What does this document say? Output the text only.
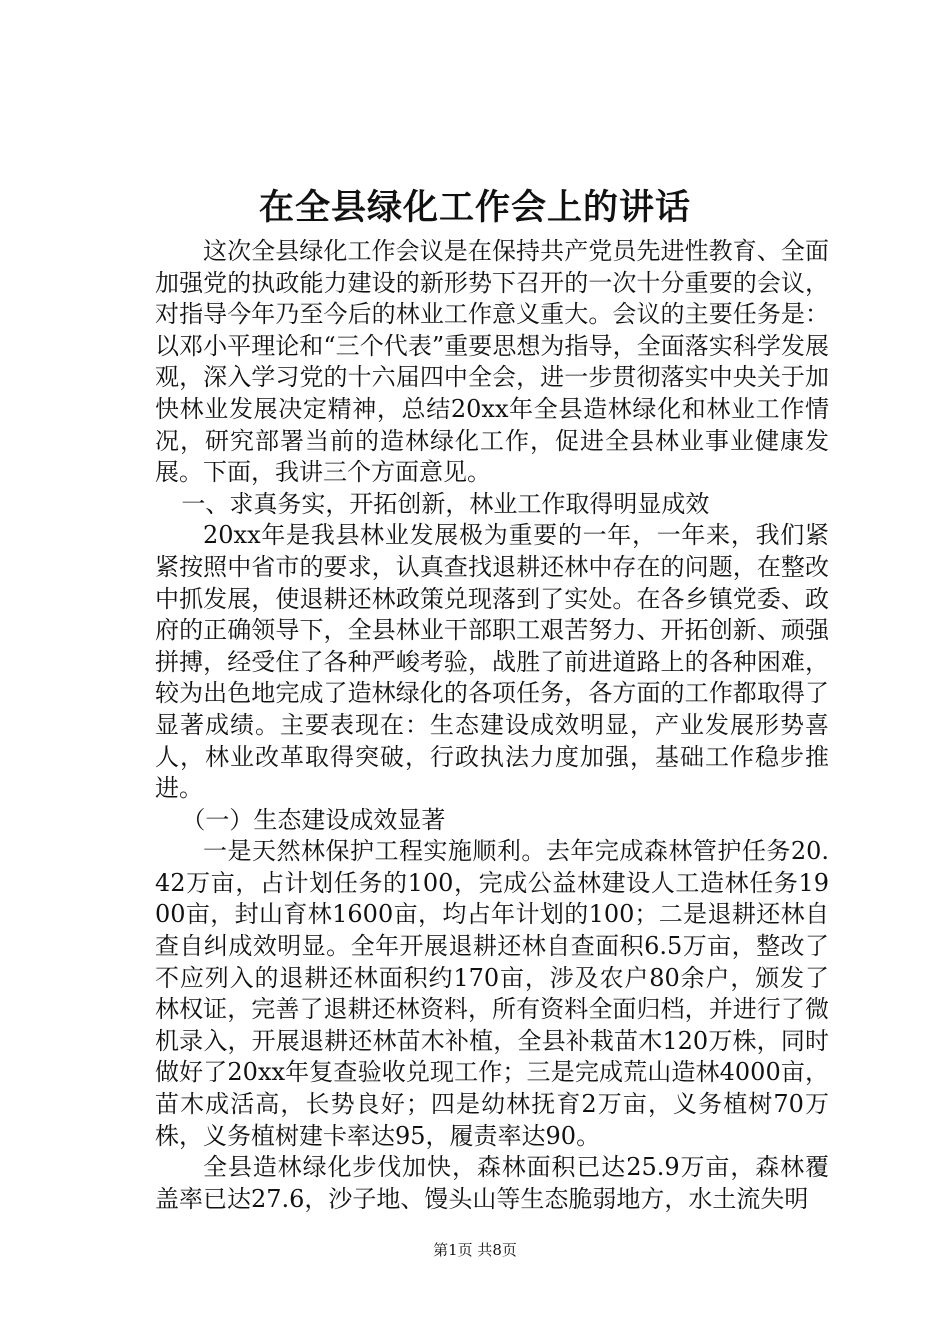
在全县绿化工作会上的讲话

这次全县绿化工作会议是在保持共产党员先进性教育、全面加强党的执政能力建设的新形势下召开的一次十分重要的会议，对指导今年乃至今后的林业工作意义重大。会议的主要任务是：以邓小平理论和“三个代表”重要思想为指导，全面落实科学发展观，深入学习党的十六届四中全会，进一步贯彻落实中央关于加快林业发展决定精神，总结20xx年全县造林绿化和林业工作情况，研究部署当前的造林绿化工作，促进全县林业事业健康发展。下面，我讲三个方面意见。

一、求真务实，开拓创新，林业工作取得明显成效

20xx年是我县林业发展极为重要的一年，一年来，我们紧紧按照中省市的要求，认真查找退耕还林中存在的问题，在整改中抓发展，使退耕还林政策兑现落到了实处。在各乡镇党委、政府的正确领导下，全县林业干部职工艰苦努力、开拓创新、顽强拼搏，经受住了各种严峻考验，战胜了前进道路上的各种困难，较为出色地完成了造林绿化的各项任务，各方面的工作都取得了显著成绩。主要表现在：生态建设成效明显，产业发展形势喜人，林业改革取得突破，行政执法力度加强，基础工作稳步推进。

（一）生态建设成效显著

一是天然林保护工程实施顺利。去年完成森林管护任务20.42万亩，占计划任务的100，完成公益林建设人工造林任务1900亩，封山育林1600亩，均占年计划的100；二是退耕还林自查自纠成效明显。全年开展退耕还林自查面积6.5万亩，整改了不应列入的退耕还林面积约170亩，涉及农户80余户，颁发了林权证，完善了退耕还林资料，所有资料全面归档，并进行了微机录入，开展退耕还林苗木补植，全县补栽苗木120万株，同时做好了20xx年复查验收兑现工作；三是完成荒山造林4000亩，苗木成活高，长势良好；四是幼林抚育2万亩，义务植树70万株，义务植树建卡率达95，履责率达90。

全县造林绿化步伐加快，森林面积已达25.9万亩，森林覆盖率已达27.6，沙子地、馒头山等生态脆弱地方，水土流失明

第1页 共8页
